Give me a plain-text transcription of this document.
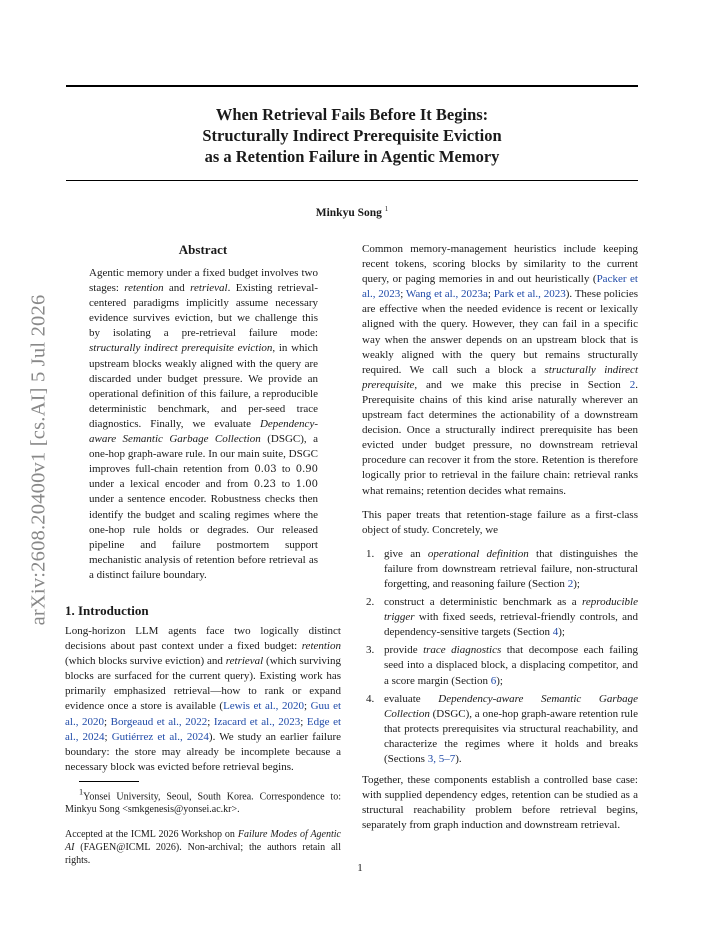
When Retrieval Fails Before It Begins:
Structurally Indirect Prerequisite Eviction
as a Retention Failure in Agentic Memory
Minkyu Song $^1$
arXiv:2608.20400v1 [cs.AI] 5 Jul 2026
Abstract

Agentic memory under a fixed budget involves two stages: retention and retrieval. Existing retrieval-centered paradigms implicitly assume necessary evidence survives eviction, but we challenge this by isolating a pre-retrieval failure mode: structurally indirect prerequisite eviction, in which upstream blocks weakly aligned with the query are discarded under budget pressure. We provide an operational definition of this failure, a reproducible deterministic benchmark, and per-seed trace diagnostics. Finally, we evaluate Dependency-aware Semantic Garbage Collection (DSGC), a one-hop graph-aware rule. In our main suite, DSGC improves full-chain retention from 0.03 to 0.90 under a lexical encoder and from 0.23 to 1.00 under a sentence encoder. Robustness checks then identify the budget and scaling regimes where the one-hop rule holds or degrades. Our released pipeline and failure postmortem support mechanistic analysis of retention before retrieval as a distinct failure boundary.

1. Introduction

Long-horizon LLM agents face two logically distinct decisions about past context under a fixed budget: retention (which blocks survive eviction) and retrieval (which surviving blocks are surfaced for the current query). Existing work has primarily emphasized retrieval—how to rank or expand evidence once a store is available (Lewis et al., 2020; Guu et al., 2020; Borgeaud et al., 2022; Izacard et al., 2023; Edge et al., 2024; Gutiérrez et al., 2024). We study an earlier failure boundary: the store may already be incomplete because a necessary block was evicted before retrieval begins.

$^1$Yonsei University, Seoul, South Korea. Correspondence to: Minkyu Song <smkgenesis@yonsei.ac.kr>.

Accepted at the ICML 2026 Workshop on Failure Modes of Agentic AI (FAGEN@ICML 2026). Non-archival; the authors retain all rights.

Common memory-management heuristics include keeping recent tokens, scoring blocks by similarity to the current query, or paging memories in and out heuristically (Packer et al., 2023; Wang et al., 2023a; Park et al., 2023). These policies are effective when the needed evidence is recent or lexically aligned with the query. However, they can fail in a specific way when the answer depends on an upstream block that is weakly aligned with the query but remains structurally required. We call such a block a structurally indirect prerequisite, and we make this precise in Section 2. Prerequisite chains of this kind arise naturally wherever an upstream fact determines the actionability of a downstream decision. Once a structurally indirect prerequisite has been evicted under budget pressure, no downstream retrieval procedure can recover it from the store. Retention is therefore logically prior to retrieval in the failure chain: retrieval ranks what remains; retention decides what remains.

This paper treats that retention-stage failure as a first-class object of study. Concretely, we

1. give an operational definition that distinguishes the failure from downstream retrieval failure, non-structural forgetting, and reasoning failure (Section 2);
2. construct a deterministic benchmark as a reproducible trigger with fixed seeds, retrieval-friendly controls, and dependency-sensitive targets (Section 4);
3. provide trace diagnostics that decompose each failing seed into a displaced block, a displacing competitor, and a score margin (Section 6);
4. evaluate Dependency-aware Semantic Garbage Collection (DSGC), a one-hop graph-aware retention rule that protects prerequisites via structural reachability, and characterize the regimes where it holds and breaks (Sections 3, 5–7).

Together, these components establish a controlled base case: with supplied dependency edges, retention can be studied as a structural reachability problem before retrieval begins, separately from graph induction and downstream retrieval.

1
